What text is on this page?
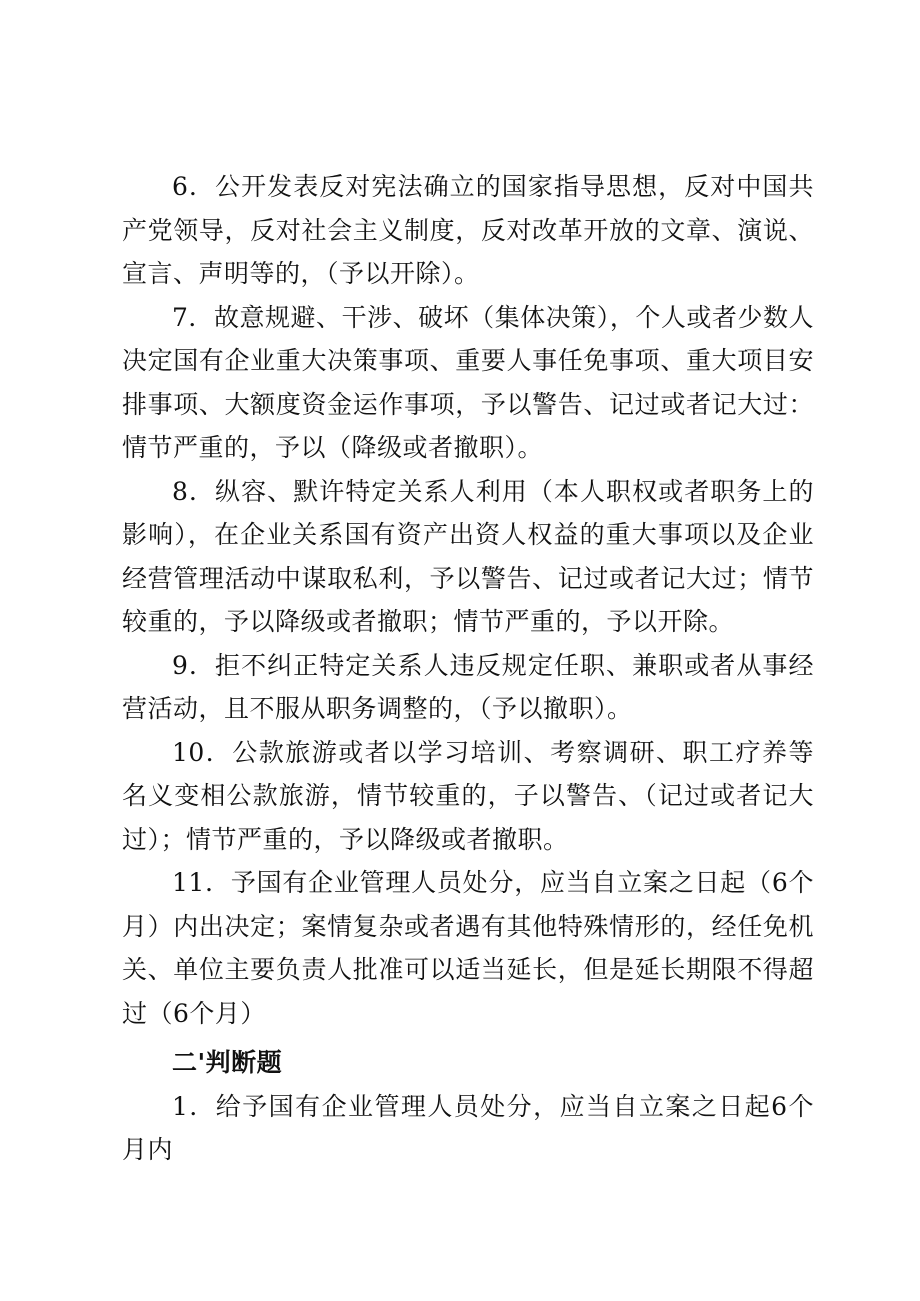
6．公开发表反对宪法确立的国家指导思想，反对中国共产党领导，反对社会主义制度，反对改革开放的文章、演说、宣言、声明等的，（予以开除）。

7．故意规避、干涉、破坏（集体决策），个人或者少数人决定国有企业重大决策事项、重要人事任免事项、重大项目安排事项、大额度资金运作事项，予以警告、记过或者记大过：情节严重的，予以（降级或者撤职）。

8．纵容、默许特定关系人利用（本人职权或者职务上的影响），在企业关系国有资产出资人权益的重大事项以及企业经营管理活动中谋取私利，予以警告、记过或者记大过；情节较重的，予以降级或者撤职；情节严重的，予以开除。

9．拒不纠正特定关系人违反规定任职、兼职或者从事经营活动，且不服从职务调整的，（予以撤职）。

10．公款旅游或者以学习培训、考察调研、职工疗养等名义变相公款旅游，情节较重的，子以警告、（记过或者记大过）；情节严重的，予以降级或者撤职。

11．予国有企业管理人员处分，应当自立案之日起（6个月）内出决定；案情复杂或者遇有其他特殊情形的，经任免机关、单位主要负责人批准可以适当延长，但是延长期限不得超过（6个月）

二'判断题

1．给予国有企业管理人员处分，应当自立案之日起6个月内
